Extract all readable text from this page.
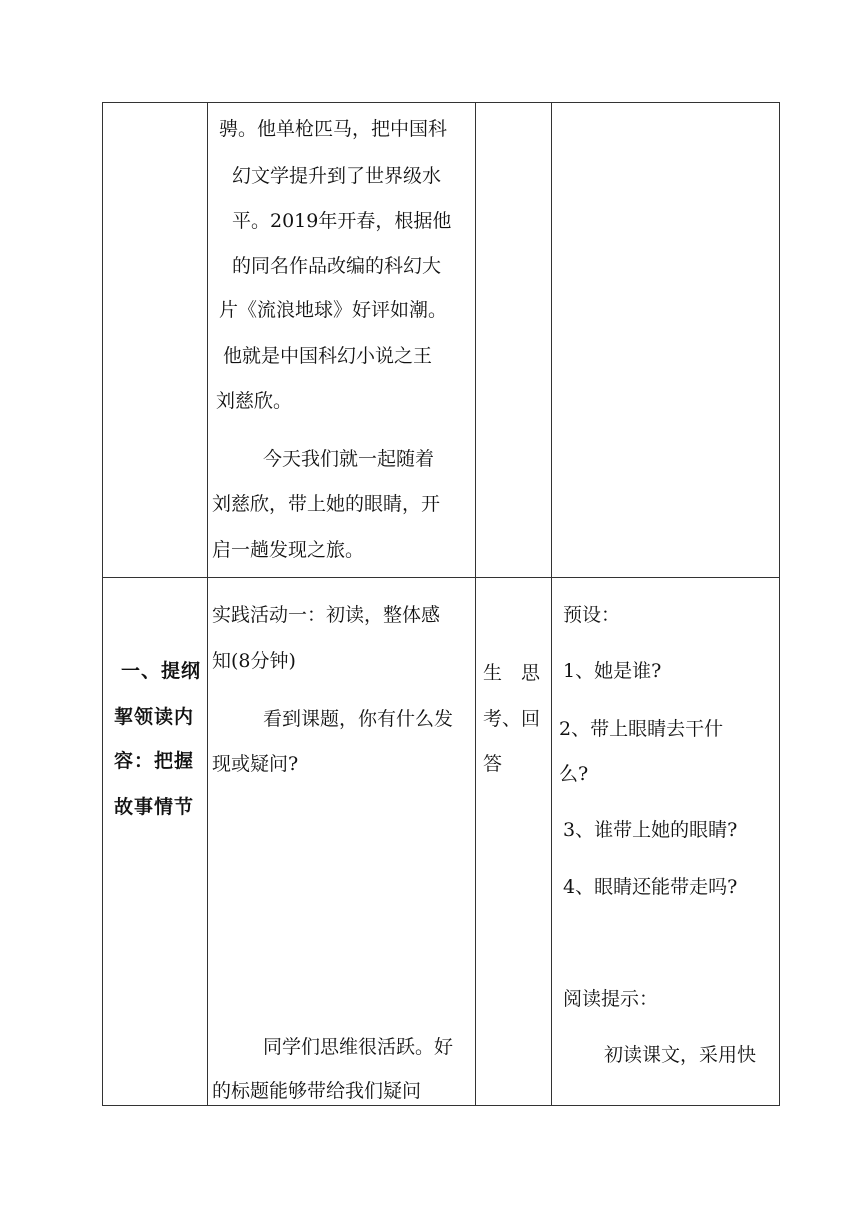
骋。他单枪匹马，把中国科
幻文学提升到了世界级水
平。2019年开春，根据他
的同名作品改编的科幻大
片《流浪地球》好评如潮。
他就是中国科幻小说之王
刘慈欣。
今天我们就一起随着
刘慈欣，带上她的眼睛，开
启一趟发现之旅。
一、提纲
挈领读内
容：把握
故事情节
实践活动一：初读，整体感
知(8分钟)
看到课题，你有什么发
现或疑问?
同学们思维很活跃。好
的标题能够带给我们疑问
生　思
考、回
答
预设：
1、她是谁?
2、带上眼睛去干什
么?
3、谁带上她的眼睛?
4、眼睛还能带走吗?
阅读提示：
初读课文，采用快
